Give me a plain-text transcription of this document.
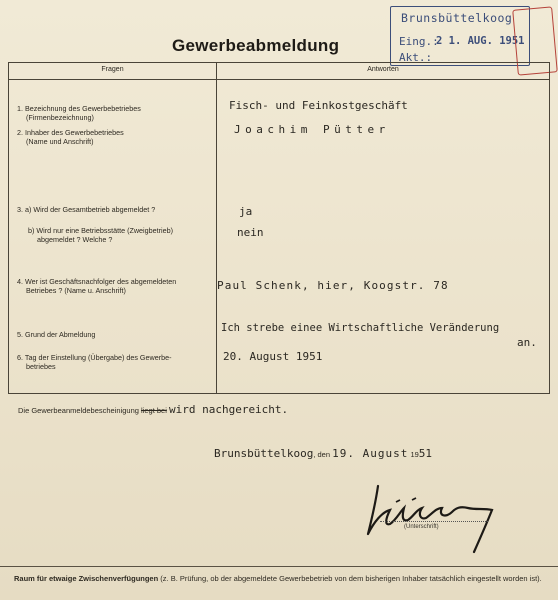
Gewerbeabmeldung
Brunsbüttelkoog
Eing.:
2 1. AUG. 1951
Akt.:
Fragen	Antworten
1. Bezeichnung des Gewerbebetriebes
(Firmenbezeichnung)
2. Inhaber des Gewerbebetriebes
(Name und Anschrift)
3. a) Wird der Gesamtbetrieb abgemeldet ?
b) Wird nur eine Betriebsstätte (Zweigbetrieb)
abgemeldet ? Welche ?
4. Wer ist Geschäftsnachfolger des abgemeldeten
Betriebes ? (Name u. Anschrift)
5. Grund der Abmeldung
6. Tag der Einstellung (Übergabe) des Gewerbe-
betriebes
Fisch- und Feinkostgeschäft
Joachim Pütter
ja
nein
Paul Schenk, hier, Koogstr. 78
Ich strebe einee Wirtschaftliche Veränderung
an.
20. August 1951
Die Gewerbeanmeldebescheinigung liegt bei wird nachgereicht.
Brunsbüttelkoog, den 19. August 1951
(Unterschrift)
Raum für etwaige Zwischenverfügungen (z. B. Prüfung, ob der abgemeldete Gewerbebetrieb von dem bisherigen Inhaber tatsächlich eingestellt worden ist).
